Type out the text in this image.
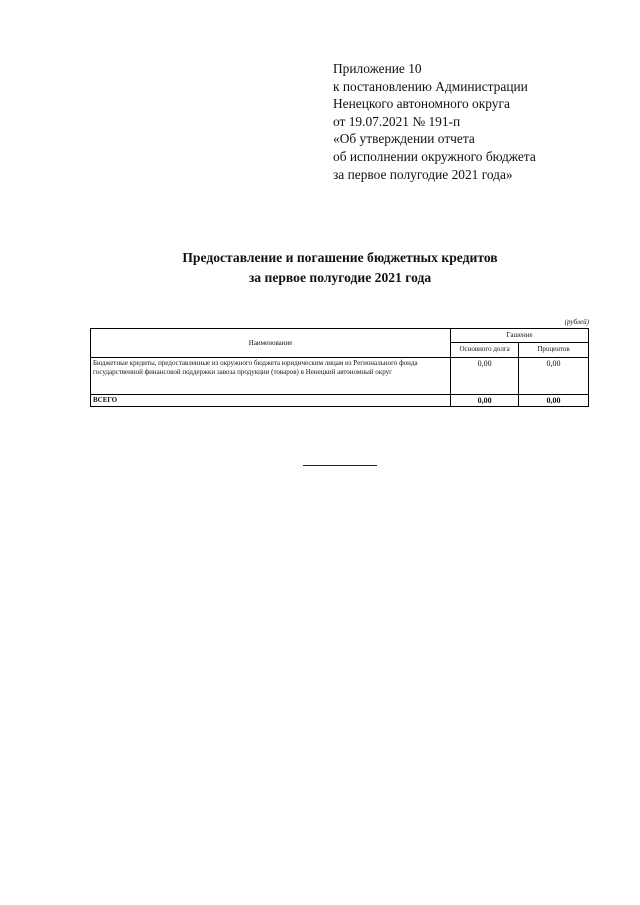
Приложение 10
к постановлению Администрации
Ненецкого автономного округа
от 19.07.2021 № 191-п
«Об утверждении отчета
об исполнении окружного бюджета
за первое полугодие 2021 года»
Предоставление и погашение бюджетных кредитов
за первое полугодие 2021 года
(рублей)
Наименование	Гашение	
	Основного долга	Процентов
Бюджетные кредиты, предоставленные из окружного бюджета юридическим лицам из Регионального фонда государственной финансовой поддержки завоза продукции (товаров) в Ненецкий автономный округ	0,00	0,00
ВСЕГО	0,00	0,00
